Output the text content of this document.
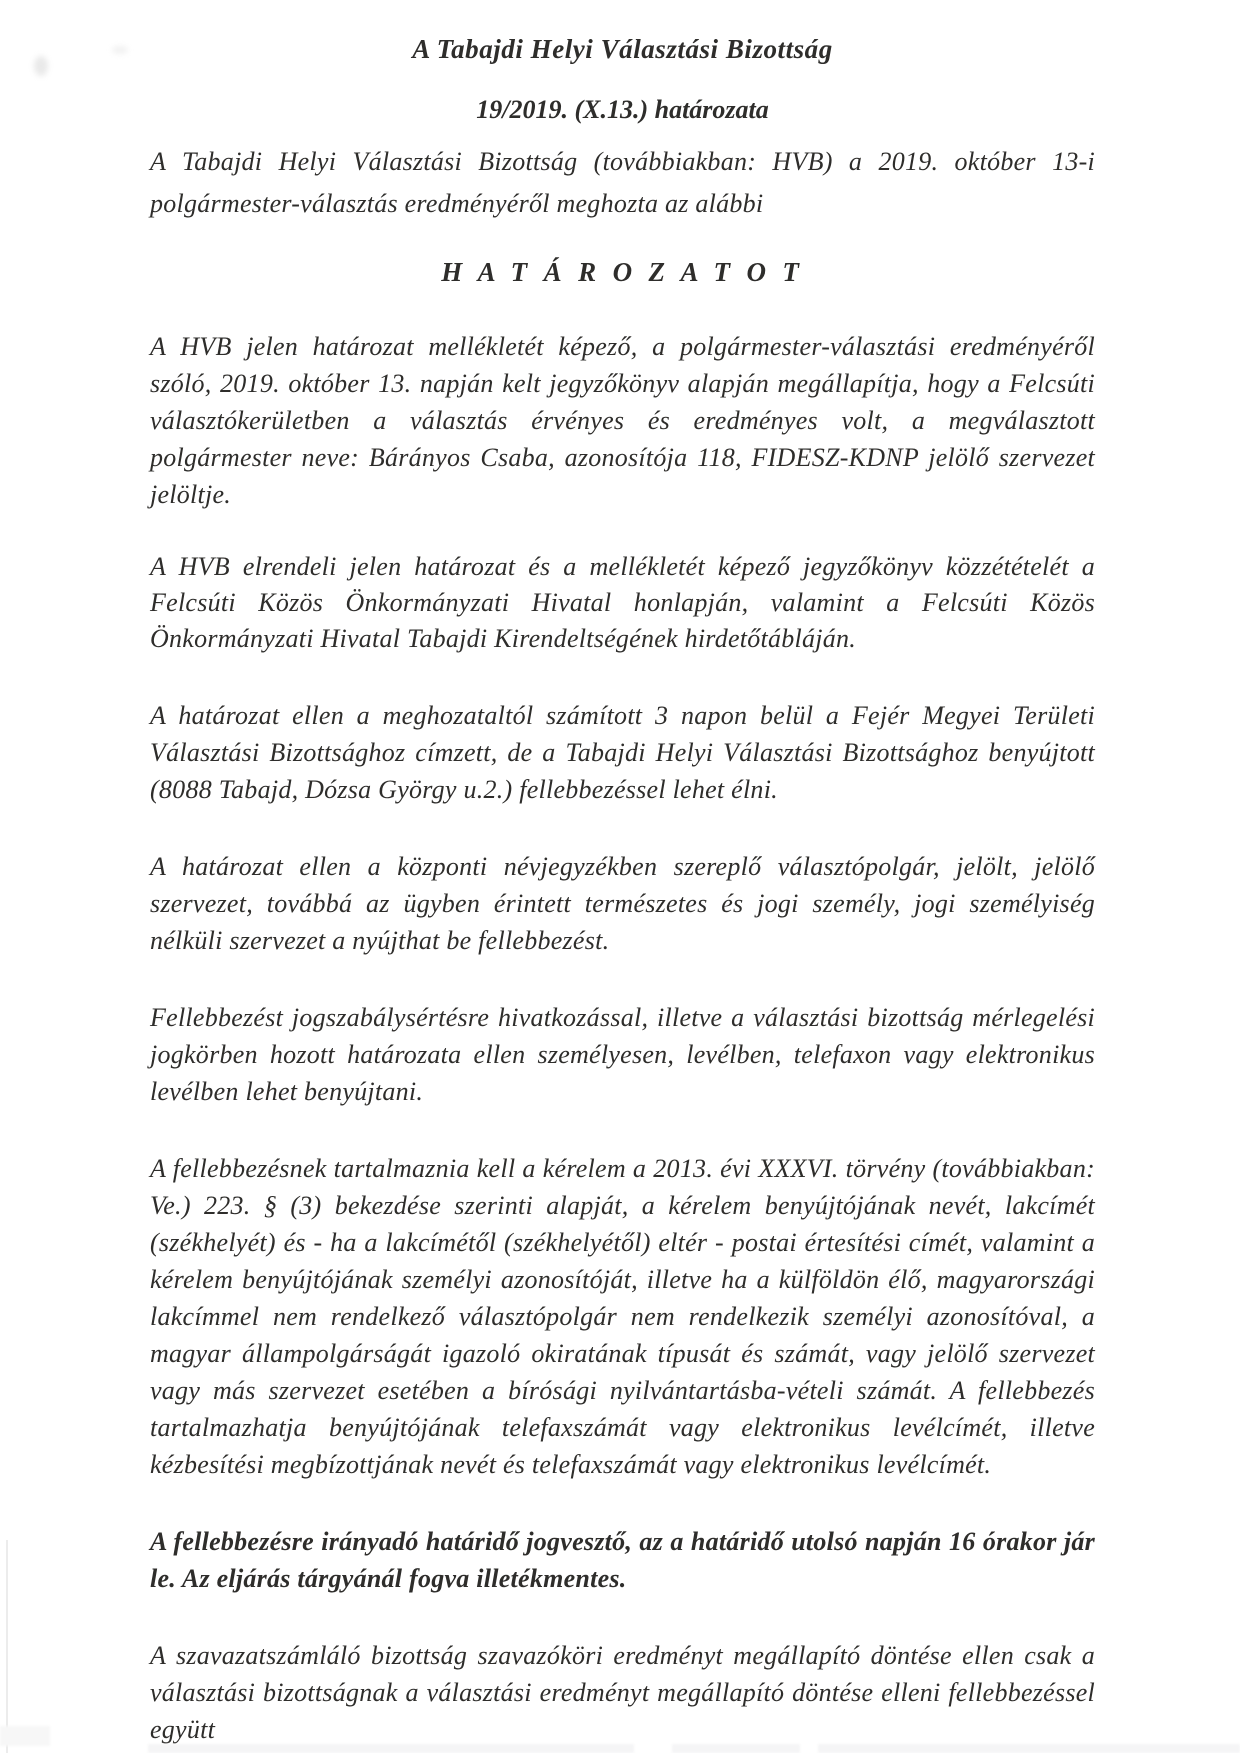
A Tabajdi Helyi Választási Bizottság
19/2019. (X.13.) határozata

A Tabajdi Helyi Választási Bizottság (továbbiakban: HVB) a 2019. október 13-i polgármester-választás eredményéről meghozta az alábbi

H A T Á R O Z A T O T

A HVB jelen határozat mellékletét képező, a polgármester-választási eredményéről szóló, 2019. október 13. napján kelt jegyzőkönyv alapján megállapítja, hogy a Felcsúti választókerületben a választás érvényes és eredményes volt, a megválasztott polgármester neve: Bárányos Csaba, azonosítója 118, FIDESZ-KDNP jelölő szervezet jelöltje.

A HVB elrendeli jelen határozat és a mellékletét képező jegyzőkönyv közzétételét a Felcsúti Közös Önkormányzati Hivatal honlapján, valamint a Felcsúti Közös Önkormányzati Hivatal Tabajdi Kirendeltségének hirdetőtábláján.

A határozat ellen a meghozataltól számított 3 napon belül a Fejér Megyei Területi Választási Bizottsághoz címzett, de a Tabajdi Helyi Választási Bizottsághoz benyújtott (8088 Tabajd, Dózsa György u.2.) fellebbezéssel lehet élni.

A határozat ellen a központi névjegyzékben szereplő választópolgár, jelölt, jelölő szervezet, továbbá az ügyben érintett természetes és jogi személy, jogi személyiség nélküli szervezet a nyújthat be fellebbezést.

Fellebbezést jogszabálysértésre hivatkozással, illetve a választási bizottság mérlegelési jogkörben hozott határozata ellen személyesen, levélben, telefaxon vagy elektronikus levélben lehet benyújtani.

A fellebbezésnek tartalmaznia kell a kérelem a 2013. évi XXXVI. törvény (továbbiakban: Ve.) 223. § (3) bekezdése szerinti alapját, a kérelem benyújtójának nevét, lakcímét (székhelyét) és - ha a lakcímétől (székhelyétől) eltér - postai értesítési címét, valamint a kérelem benyújtójának személyi azonosítóját, illetve ha a külföldön élő, magyarországi lakcímmel nem rendelkező választópolgár nem rendelkezik személyi azonosítóval, a magyar állampolgárságát igazoló okiratának típusát és számát, vagy jelölő szervezet vagy más szervezet esetében a bírósági nyilvántartásba-vételi számát. A fellebbezés tartalmazhatja benyújtójának telefaxszámát vagy elektronikus levélcímét, illetve kézbesítési megbízottjának nevét és telefaxszámát vagy elektronikus levélcímét.

A fellebbezésre irányadó határidő jogvesztő, az a határidő utolsó napján 16 órakor jár le. Az eljárás tárgyánál fogva illetékmentes.

A szavazatszámláló bizottság szavazóköri eredményt megállapító döntése ellen csak a választási bizottságnak a választási eredményt megállapító döntése elleni fellebbezéssel együtt
